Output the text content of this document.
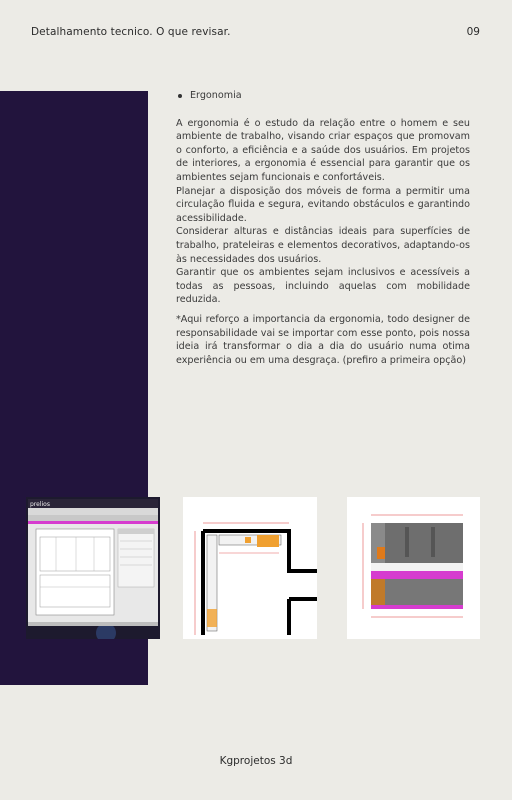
Detalhamento tecnico. O que revisar.	09
Ergonomia

A ergonomia é o estudo da relação entre o homem e seu ambiente de trabalho, visando criar espaços que promovam o conforto, a eficiência e a saúde dos usuários. Em projetos de interiores, a ergonomia é essencial para garantir que os ambientes sejam funcionais e confortáveis.

Planejar a disposição dos móveis de forma a permitir uma circulação fluida e segura, evitando obstáculos e garantindo acessibilidade.

Considerar alturas e distâncias ideais para superfícies de trabalho, prateleiras e elementos decorativos, adaptando-os às necessidades dos usuários.

Garantir que os ambientes sejam inclusivos e acessíveis a todas as pessoas, incluindo aquelas com mobilidade reduzida.

*Aqui reforço a importancia da ergonomia, todo designer de responsabilidade vai se importar com esse ponto, pois nossa ideia irá transformar o dia a dia do usuário numa otima experiência ou em uma desgraça. (prefiro a primeira opção)

prelios
Kgprojetos 3d
